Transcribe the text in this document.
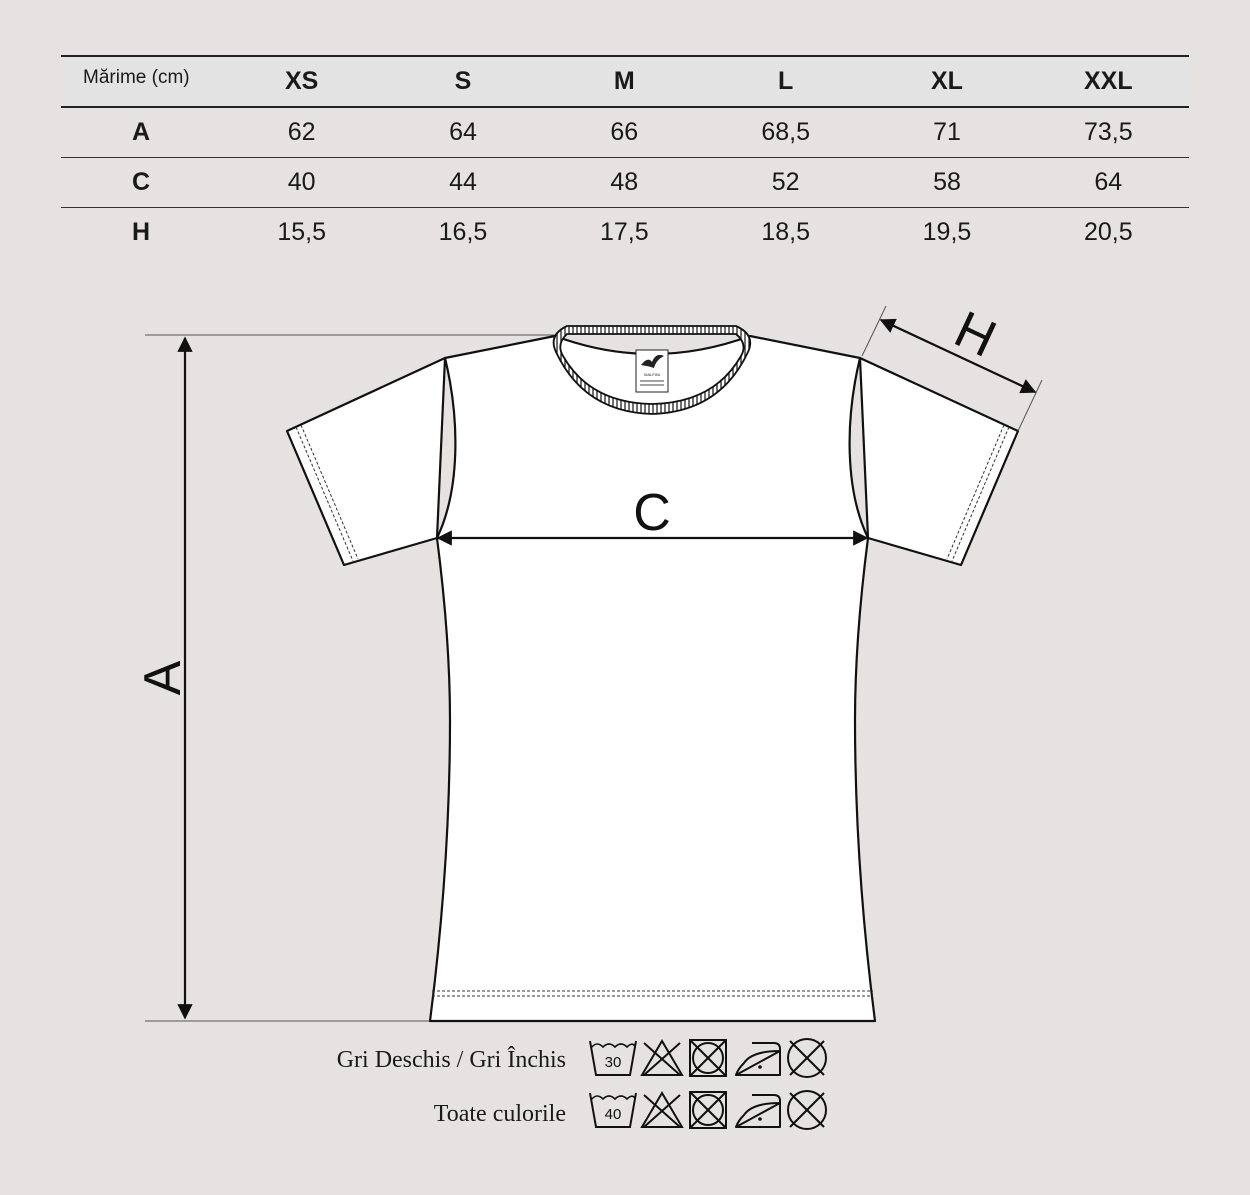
Mărime (cm)	XS	S	M	L	XL	XXL
A	62	64	66	68,5	71	73,5
C	40	44	48	52	58	64
H	15,5	16,5	17,5	18,5	19,5	20,5
MALFINI
A
C
H
Gri Deschis / Gri Închis	30
Toate culorile	40
